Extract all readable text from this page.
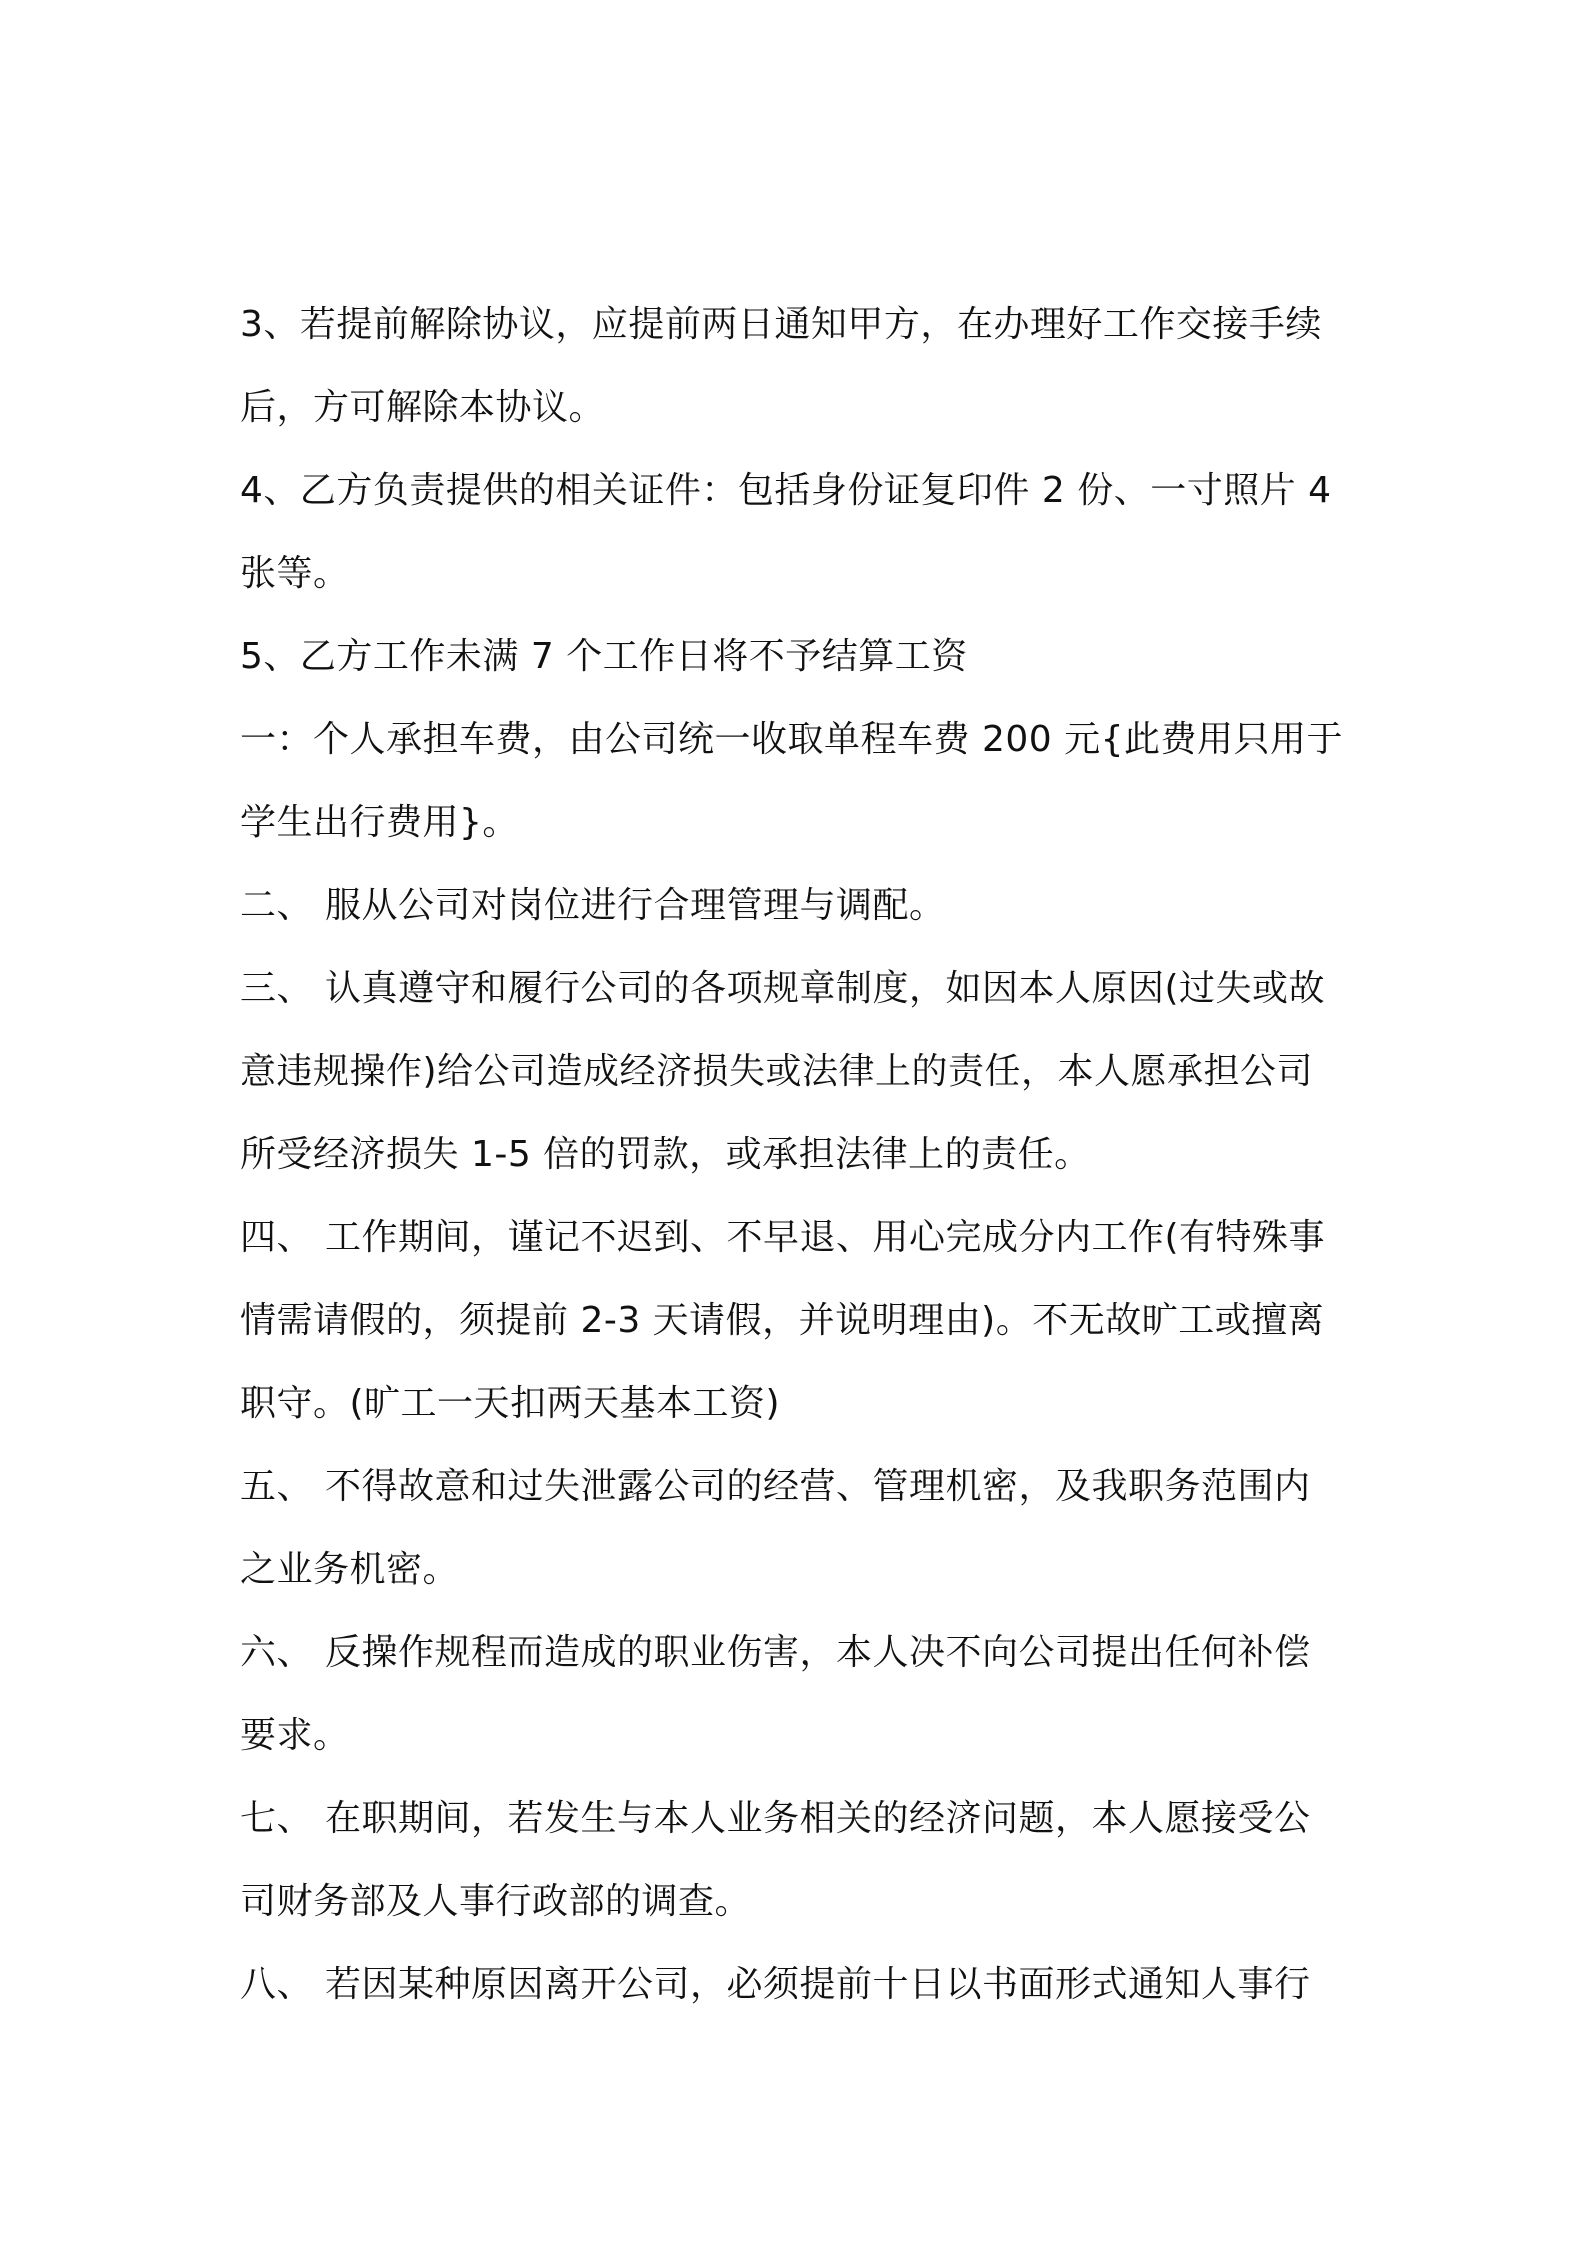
3、若提前解除协议，应提前两日通知甲方，在办理好工作交接手续

后，方可解除本协议。

4、乙方负责提供的相关证件：包括身份证复印件 2 份、一寸照片 4

张等。

5、乙方工作未满 7 个工作日将不予结算工资

一：个人承担车费，由公司统一收取单程车费 200 元{此费用只用于

学生出行费用}。

二、 服从公司对岗位进行合理管理与调配。

三、 认真遵守和履行公司的各项规章制度，如因本人原因(过失或故

意违规操作)给公司造成经济损失或法律上的责任，本人愿承担公司

所受经济损失 1-5 倍的罚款，或承担法律上的责任。

四、 工作期间，谨记不迟到、不早退、用心完成分内工作(有特殊事

情需请假的，须提前 2-3 天请假，并说明理由)。不无故旷工或擅离

职守。(旷工一天扣两天基本工资)

五、 不得故意和过失泄露公司的经营、管理机密，及我职务范围内

之业务机密。

六、 反操作规程而造成的职业伤害，本人决不向公司提出任何补偿

要求。

七、 在职期间，若发生与本人业务相关的经济问题，本人愿接受公

司财务部及人事行政部的调查。

八、 若因某种原因离开公司，必须提前十日以书面形式通知人事行
